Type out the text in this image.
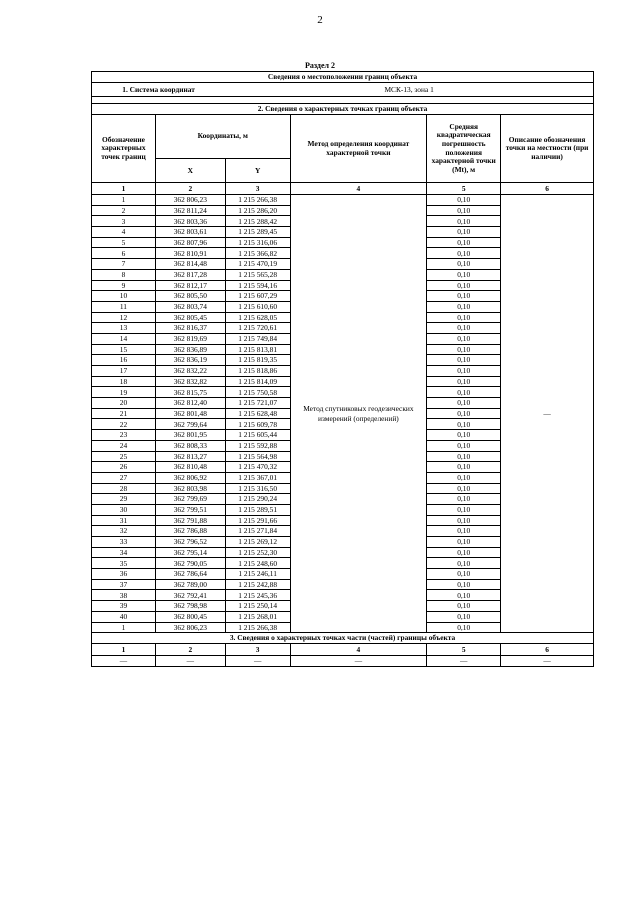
2
Раздел 2
Сведения о местоположении границ объекта					
1. Система координат		МСК-13, зона 1			

2. Сведения о характерных точках границ объекта					
Обозначение характерных точек границ	Координаты, м		Метод определения координат характерной точки	Средняя квадратическая погрешность положения характерной точки (Mt), м	Описание обозначения точки на местности (при наличии)
	X	Y			
1	2	3	4	5	6
1	362 806,23	1 215 266,38	Метод спутниковых геодезических измерений (определений)	0,10	—
2	362 811,24	1 215 286,20		0,10	
3	362 803,36	1 215 288,42		0,10	
4	362 803,61	1 215 289,45		0,10	
5	362 807,96	1 215 316,06		0,10	
6	362 810,91	1 215 366,82		0,10	
7	362 814,48	1 215 470,19		0,10	
8	362 817,28	1 215 565,28		0,10	
9	362 812,17	1 215 594,16		0,10	
10	362 805,50	1 215 607,29		0,10	
11	362 803,74	1 215 610,60		0,10	
12	362 805,45	1 215 628,05		0,10	
13	362 816,37	1 215 720,61		0,10	
14	362 819,69	1 215 749,84		0,10	
15	362 836,89	1 215 813,81		0,10	
16	362 836,19	1 215 819,35		0,10	
17	362 832,22	1 215 818,86		0,10	
18	362 832,82	1 215 814,09		0,10	
19	362 815,75	1 215 750,58		0,10	
20	362 812,40	1 215 721,07		0,10	
21	362 801,48	1 215 628,48		0,10	
22	362 799,64	1 215 609,78		0,10	
23	362 801,95	1 215 605,44		0,10	
24	362 808,33	1 215 592,88		0,10	
25	362 813,27	1 215 564,98		0,10	
26	362 810,48	1 215 470,32		0,10	
27	362 806,92	1 215 367,01		0,10	
28	362 803,98	1 215 316,50		0,10	
29	362 799,69	1 215 290,24		0,10	
30	362 799,51	1 215 289,51		0,10	
31	362 791,88	1 215 291,66		0,10	
32	362 786,88	1 215 271,84		0,10	
33	362 796,52	1 215 269,12		0,10	
34	362 795,14	1 215 252,30		0,10	
35	362 790,05	1 215 248,60		0,10	
36	362 786,64	1 215 246,11		0,10	
37	362 789,00	1 215 242,88		0,10	
38	362 792,41	1 215 245,36		0,10	
39	362 798,98	1 215 250,14		0,10	
40	362 800,45	1 215 268,01		0,10	
1	362 806,23	1 215 266,38		0,10	
3. Сведения о характерных точках части (частей) границы объекта					
1	2	3	4	5	6
—	—	—	—	—	—
